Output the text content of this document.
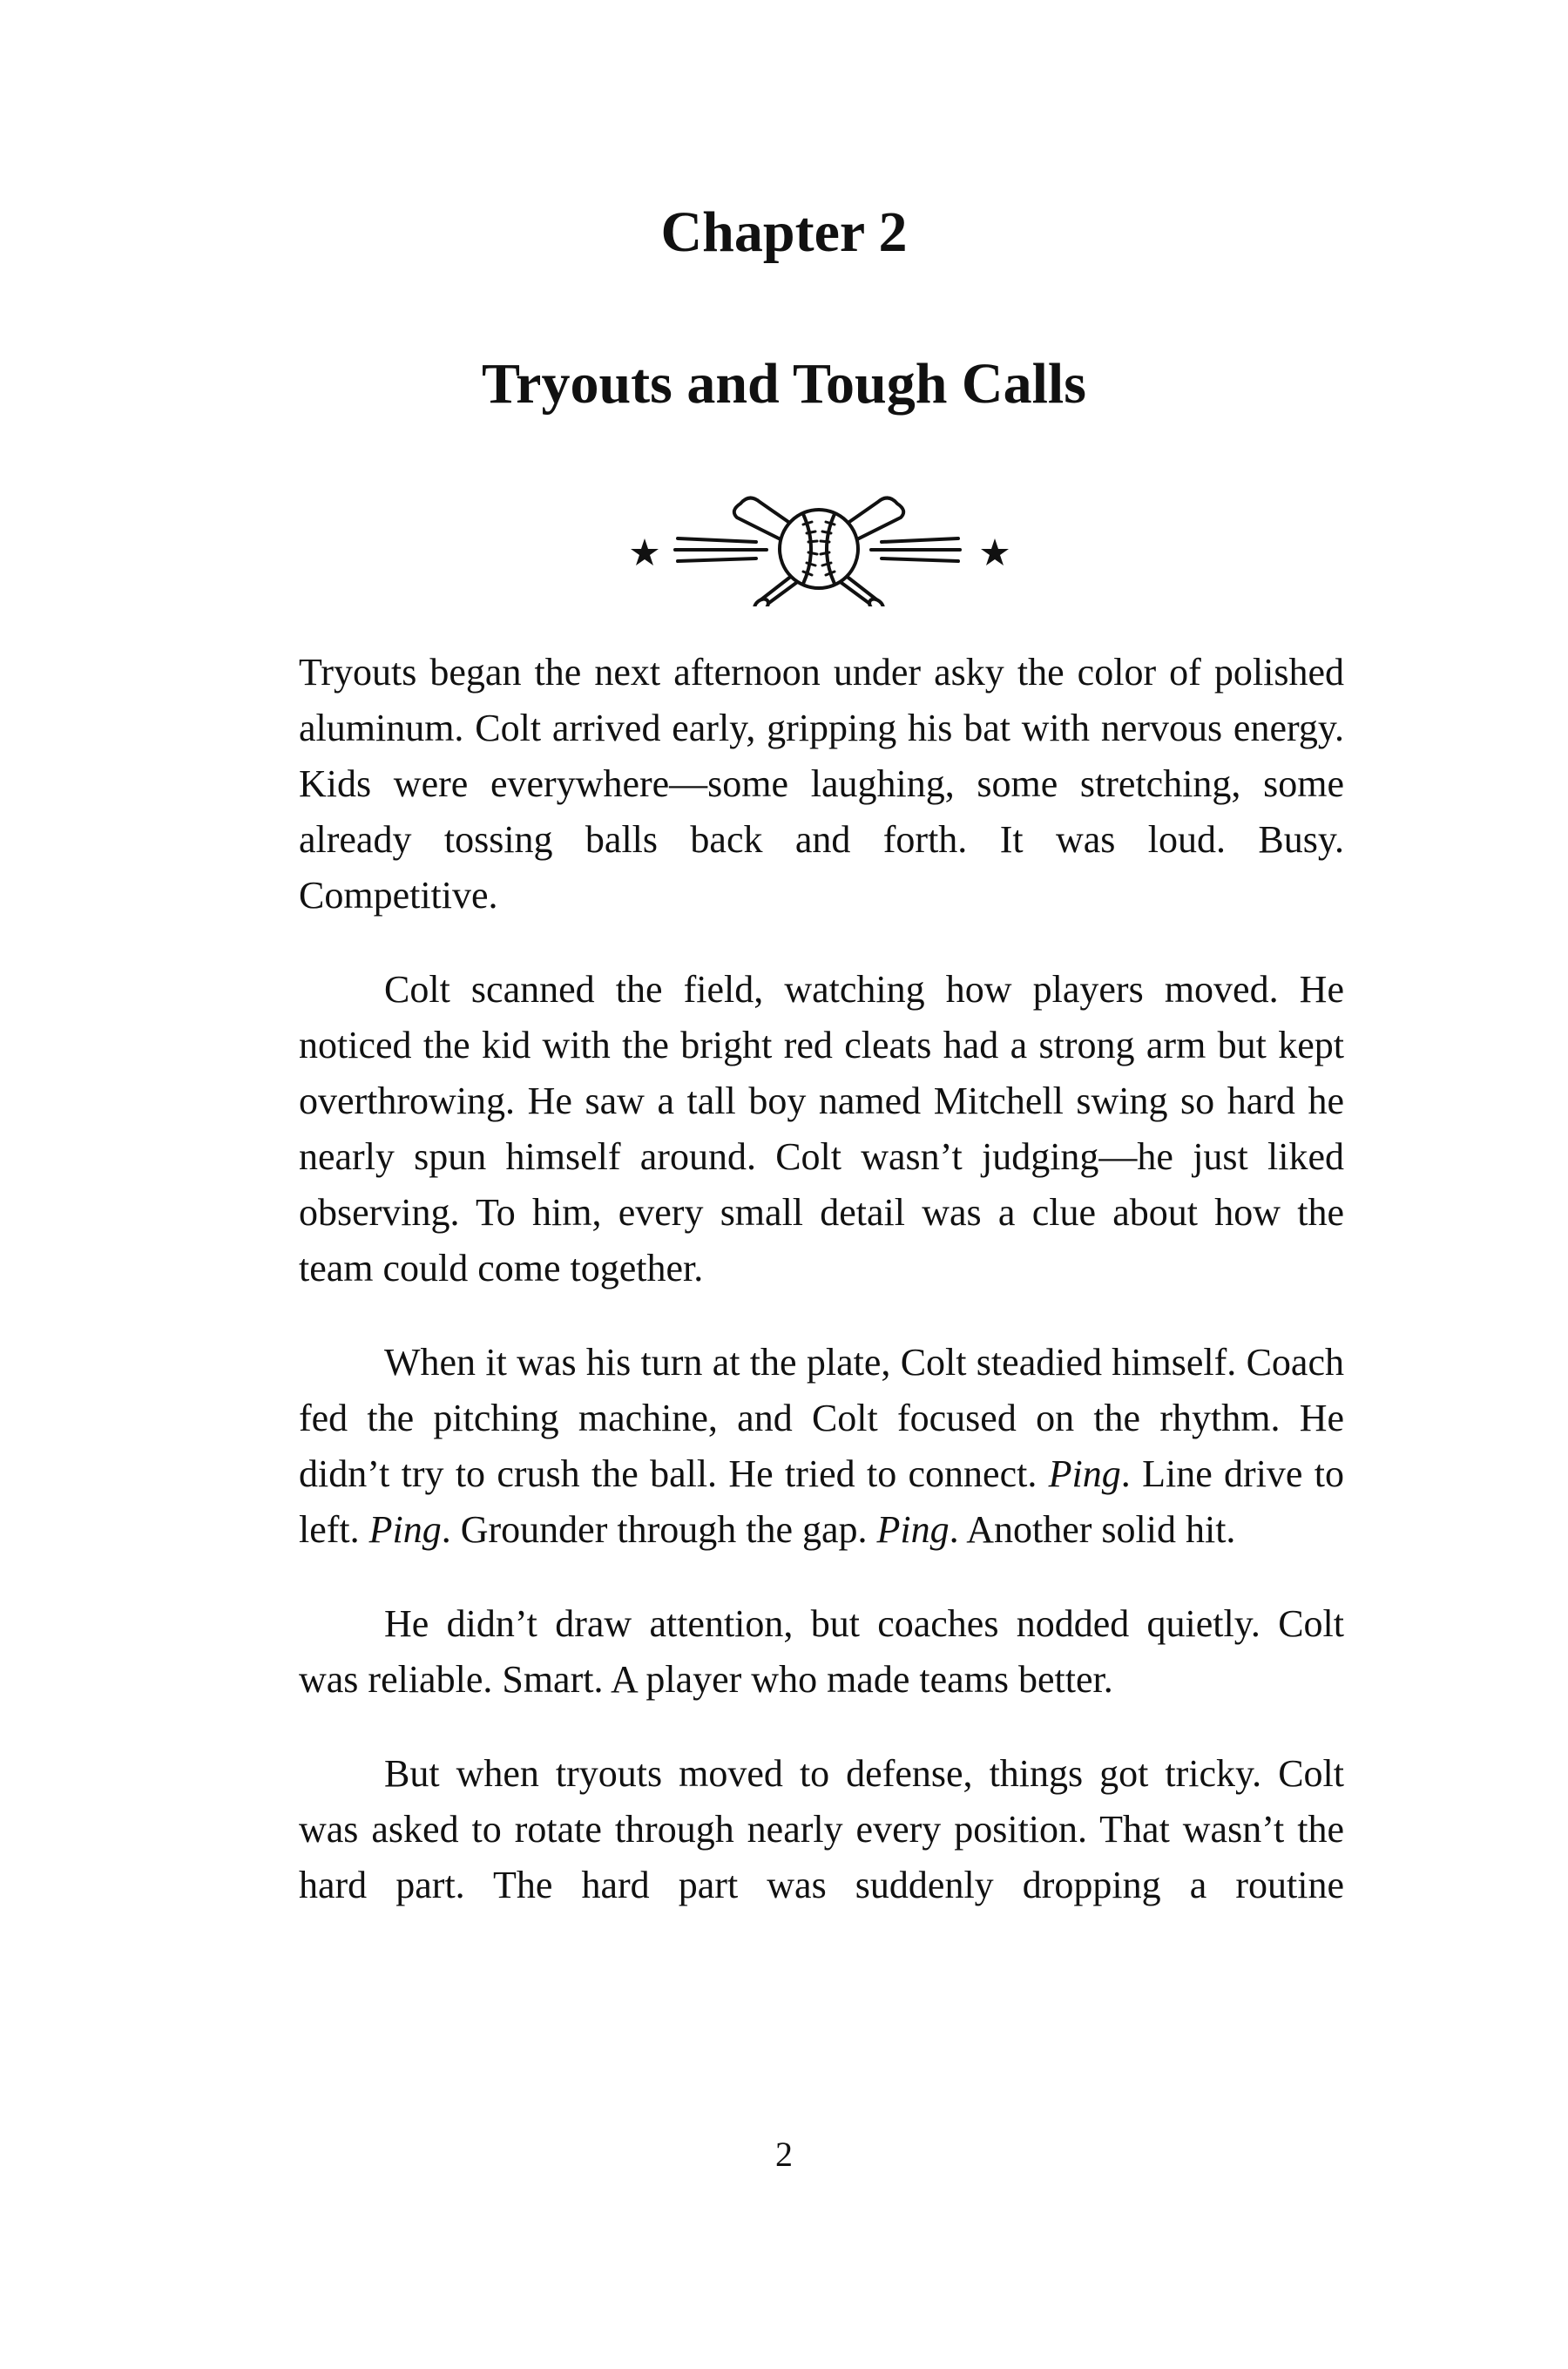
Chapter 2
Tryouts and Tough Calls

Tryouts began the next afternoon under asky the color of polished aluminum. Colt arrived early, gripping his bat with nervous energy. Kids were everywhere—some laughing, some stretching, some already tossing balls back and forth. It was loud. Busy. Competitive.

Colt scanned the field, watching how players moved. He noticed the kid with the bright red cleats had a strong arm but kept overthrowing. He saw a tall boy named Mitchell swing so hard he nearly spun himself around. Colt wasn’t judging—he just liked observing. To him, every small detail was a clue about how the team could come together.

When it was his turn at the plate, Colt steadied himself. Coach fed the pitching machine, and Colt focused on the rhythm. He didn’t try to crush the ball. He tried to connect. Ping. Line drive to left. Ping. Grounder through the gap. Ping. Another solid hit.

He didn’t draw attention, but coaches nodded quietly. Colt was reliable. Smart. A player who made teams better.

But when tryouts moved to defense, things got tricky. Colt was asked to rotate through nearly every position. That wasn’t the hard part. The hard part was suddenly dropping a routine

2
